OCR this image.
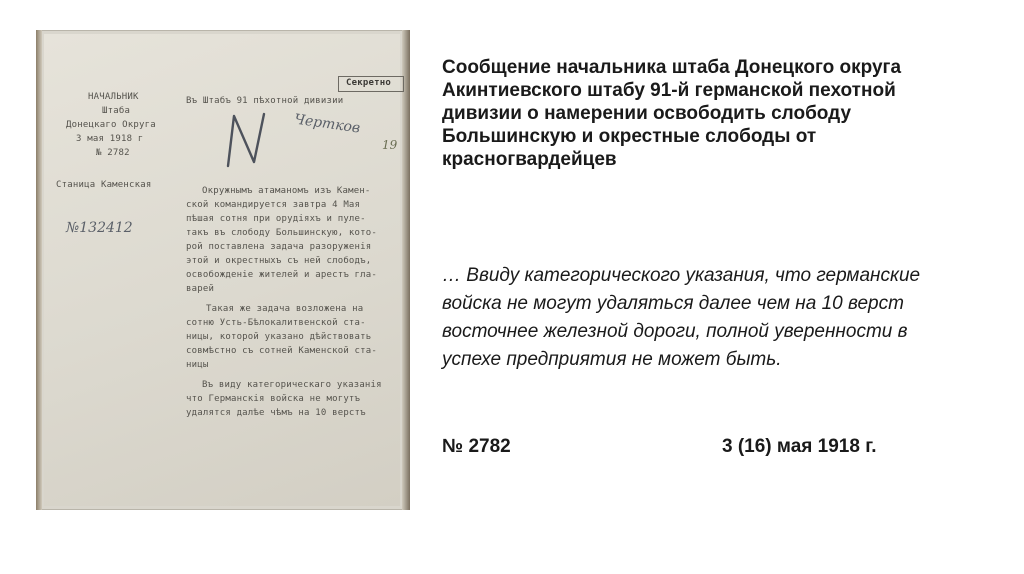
Секретно
НАЧАЛЬНИК
Штаба
Донецкаго Округа
3 мая 1918 г
№ 2782
Станица Каменская
Въ Штабъ 91 пѣхотной дивизии
Чертков
19
№132412
Окружнымъ атаманомъ изъ Камен-
ской командируется завтра 4 Мая
пѣшая сотня при орудіяхъ и пуле-
такъ въ слободу Большинскую, кото-
рой поставлена задача разоруженія
этой и окрестныхъ съ ней слободъ,
освобожденіе жителей и арестъ гла-
варей
Такая же задача возложена на
сотню Усть-Бѣлокалитвенской ста-
ницы, которой указано дѣйствовать
совмѣстно съ сотней Каменской ста-
ницы
Въ виду категорическаго указанія
что Германскія войска не могутъ
удалятся далѣе чѣмъ на 10 верстъ
Сообщение начальника штаба Донецкого округа Акинтиевского штабу 91-й германской пехотной дивизии о намерении освободить слободу Большинскую и окрестные слободы от красногвардейцев
… Ввиду категорического указания, что германские войска не могут удаляться далее чем на 10 верст восточнее железной дороги, полной уверенности в успехе предприятия не может быть.
№ 2782	3 (16) мая 1918 г.
